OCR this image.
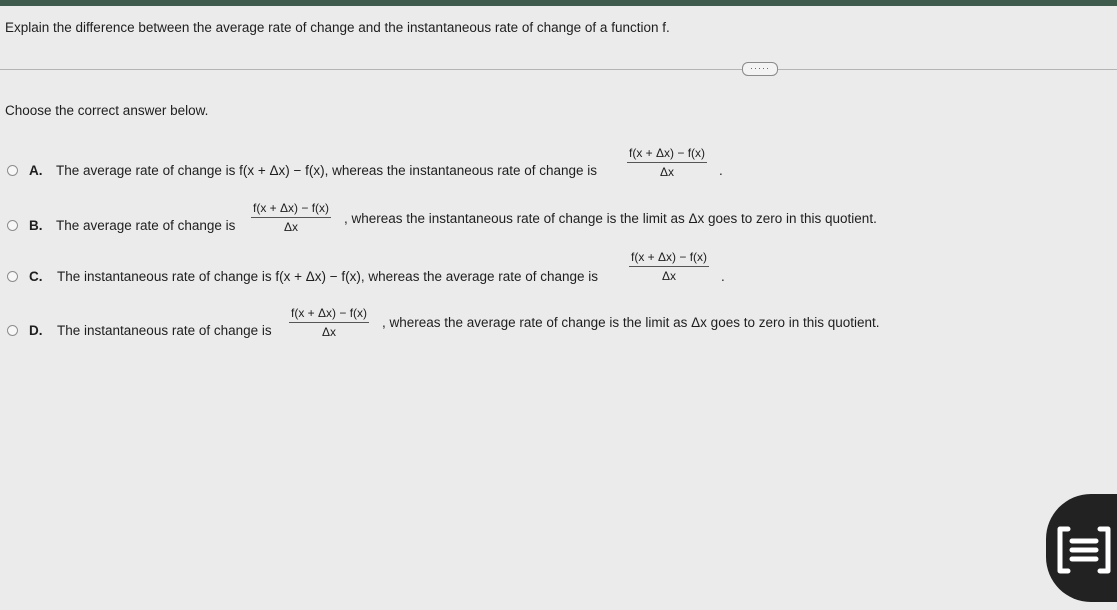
Explain the difference between the average rate of change and the instantaneous rate of change of a function f.
·····
Choose the correct answer below.
A. The average rate of change is f(x + Δx) − f(x), whereas the instantaneous rate of change is $\frac{f(x + \Delta x) - f(x)}{\Delta x}$ .
B. The average rate of change is $\frac{f(x + \Delta x) - f(x)}{\Delta x}$ , whereas the instantaneous rate of change is the limit as Δx goes to zero in this quotient.
C. The instantaneous rate of change is f(x + Δx) − f(x), whereas the average rate of change is	$\frac{f(x + \Delta x) - f(x)}{\Delta x}$ .
D. The instantaneous rate of change is $\frac{f(x + \Delta x) - f(x)}{\Delta x}$ , whereas the average rate of change is the limit as Δx goes to zero in this quotient.
